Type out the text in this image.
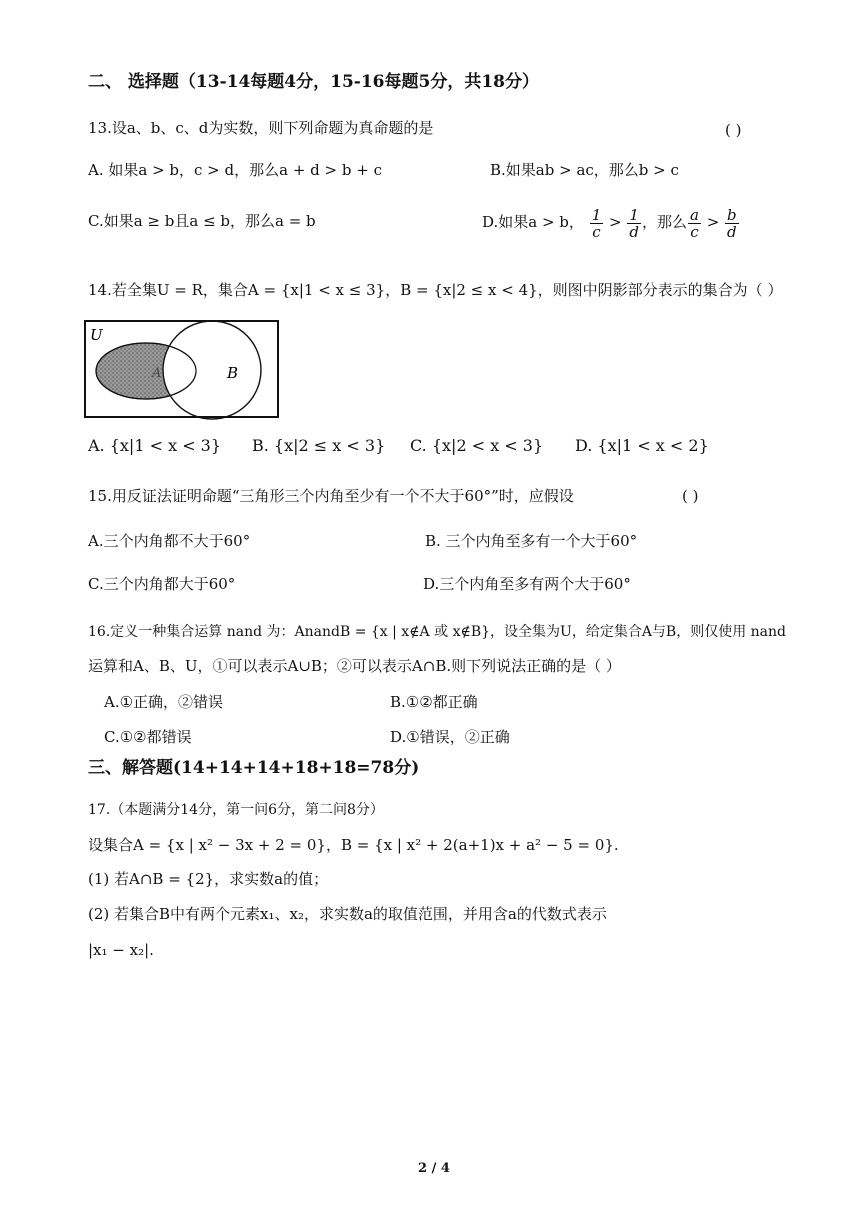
二、 选择题（13-14每题4分，15-16每题5分，共18分）
13.设a、b、c、d为实数，则下列命题为真命题的是	( )
A. 如果a > b，c > d，那么a + d > b + c	B.如果ab > ac，那么b > c
C.如果a ≥ b且a ≤ b，那么a = b	D.如果a > b， $\frac{1}{c} > \frac{1}{d}$ ，那么 $\frac{a}{c} > \frac{b}{d}$
14.若全集U = R，集合A = {x|1 < x ≤ 3}，B = {x|2 ≤ x < 4}，则图中阴影部分表示的集合为（ ）
U
A	B
A. {x|1 < x < 3} B. {x|2 ≤ x < 3} C. {x|2 < x < 3} D. {x|1 < x < 2}
15.用反证法证明命题“三角形三个内角至少有一个不大于60°”时，应假设	( )
A.三个内角都不大于60°	B. 三个内角至多有一个大于60°
C.三个内角都大于60°	D.三个内角至多有两个大于60°
16.定义一种集合运算 nand 为：AnandB = {x | x∉A 或 x∉B}，设全集为U，给定集合A与B，则仅使用 nand
运算和A、B、U，①可以表示A∪B；②可以表示A∩B.则下列说法正确的是（ ）
A.①正确，②错误	B.①②都正确
C.①②都错误	D.①错误，②正确
三、解答题(14+14+14+18+18=78分)
17.（本题满分14分，第一问6分，第二问8分）
设集合A = {x | x² − 3x + 2 = 0}，B = {x | x² + 2(a+1)x + a² − 5 = 0}.
(1) 若A∩B = {2}，求实数a的值；
(2) 若集合B中有两个元素x₁、x₂，求实数a的取值范围，并用含a的代数式表示
|x₁ − x₂|.
2 / 4
